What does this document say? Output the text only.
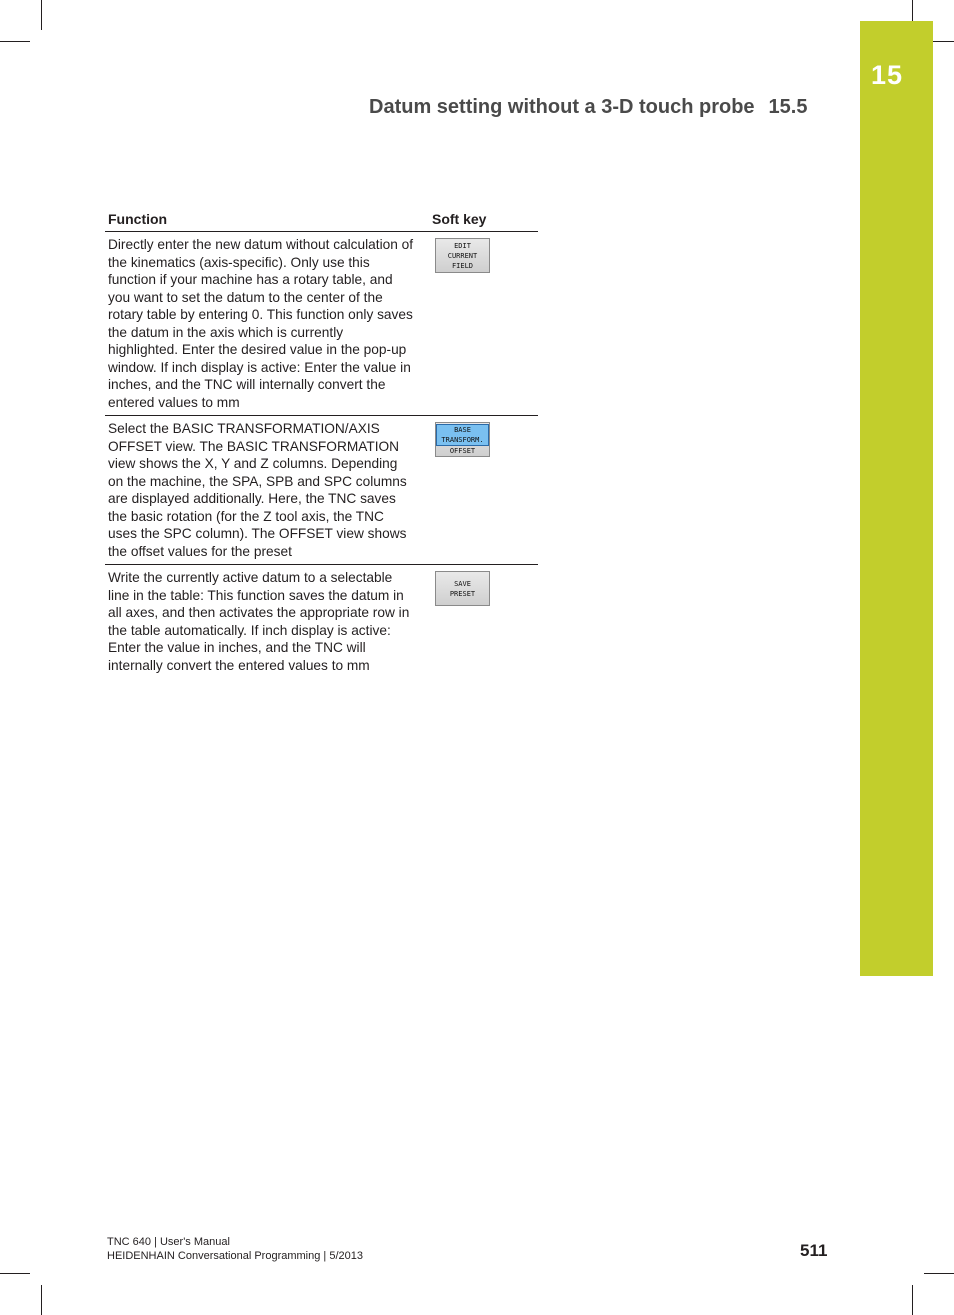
15
Datum setting without a 3-D touch probe 15.5
Function	Soft key
Directly enter the new datum without calculation of the kinematics (axis-specific). Only use this function if your machine has a rotary table, and you want to set the datum to the center of the rotary table by entering 0. This function only saves the datum in the axis which is currently highlighted. Enter the desired value in the pop-up window. If inch display is active: Enter the value in inches, and the TNC will internally convert the entered values to mm
EDIT
CURRENT
FIELD
Select the BASIC TRANSFORMATION/AXIS OFFSET view. The BASIC TRANSFORMATION view shows the X, Y and Z columns. Depending on the machine, the SPA, SPB and SPC columns are displayed additionally. Here, the TNC saves the basic rotation (for the Z tool axis, the TNC uses the SPC column). The OFFSET view shows the offset values for the preset
BASE
TRANSFORM.
OFFSET
Write the currently active datum to a selectable line in the table: This function saves the datum in all axes, and then activates the appropriate row in the table automatically. If inch display is active: Enter the value in inches, and the TNC will internally convert the entered values to mm
SAVE
PRESET
TNC 640 | User's Manual
HEIDENHAIN Conversational Programming | 5/2013	511
